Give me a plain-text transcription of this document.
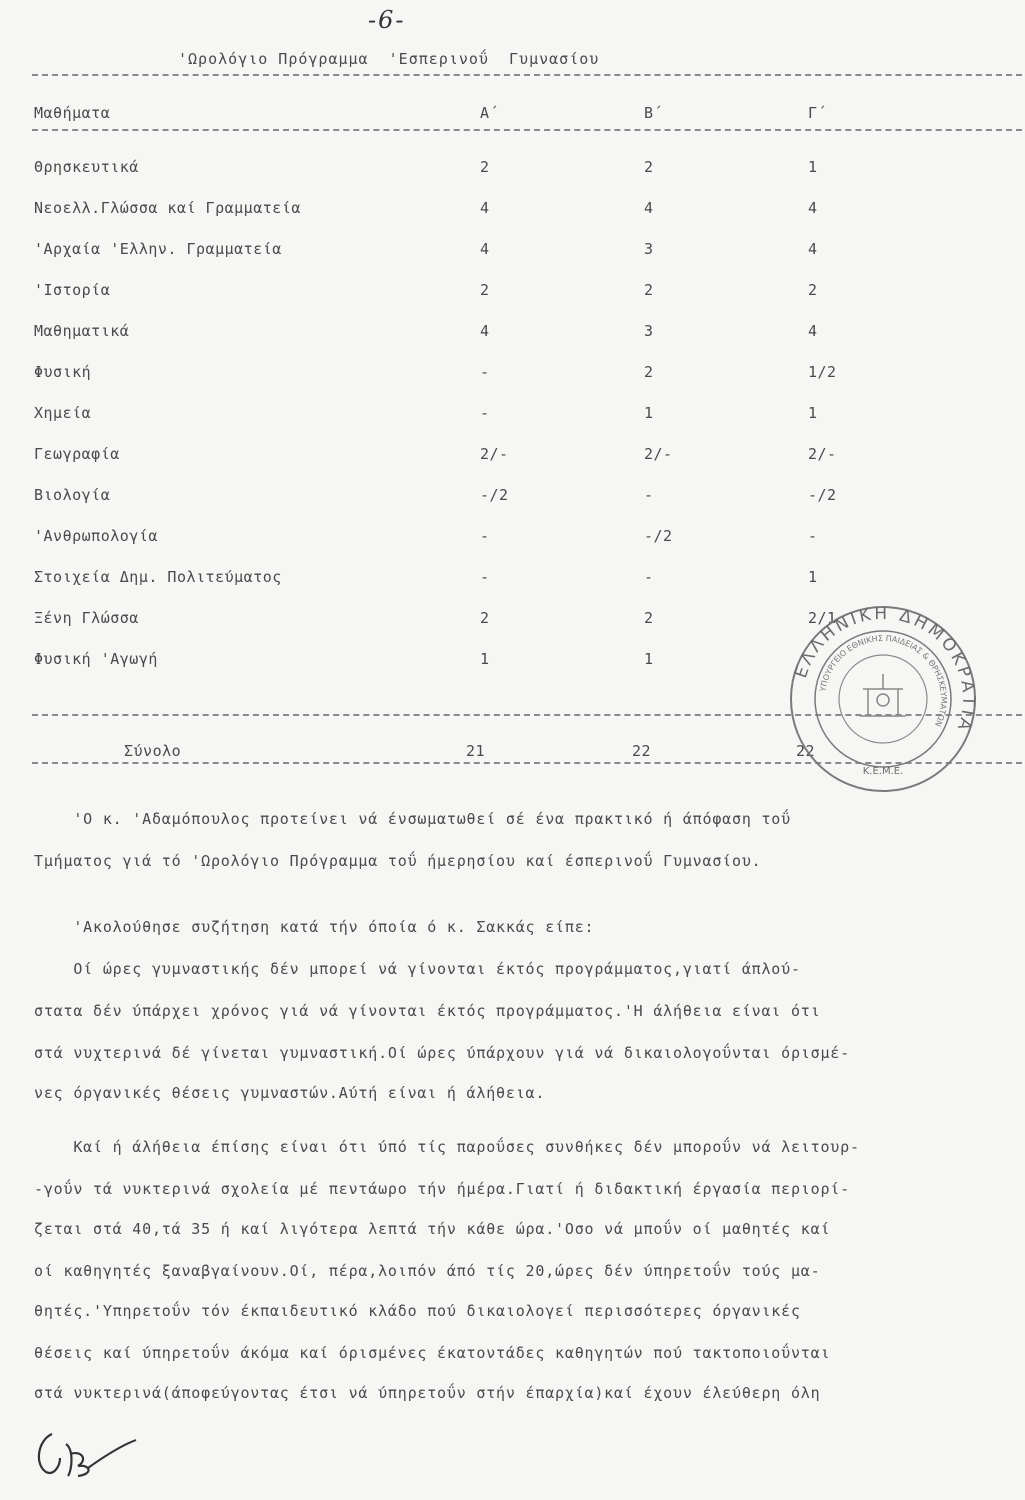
-6-
'Ωρολόγιο Πρόγραμμα  'Εσπερινοΰ  Γυμνασίου
Μαθήματα	Α΄	Β΄	Γ΄
Θρησκευτικά	2	2	1
Νεοελλ.Γλώσσα καί Γραμματεία	4	4	4
'Αρχαία 'Ελλην. Γραμματεία	4	3	4
'Ιστορία	2	2	2
Μαθηματικά	4	3	4
Φυσική	-	2	1/2
Χημεία	-	1	1
Γεωγραφία	2/-	2/-	2/-
Βιολογία	-/2	-	-/2
'Ανθρωπολογία	-	-/2	-
Στοιχεία Δημ. Πολιτεύματος	-	-	1
Ξένη Γλώσσα	2	2	2/1
Φυσική 'Αγωγή	1	1
Σύνολο	21	22	22
'Ο κ. 'Αδαμόπουλος προτείνει νά ένσωματωθεί σέ ένα πρακτικό ή άπόφαση τοΰ
Τμήματος γιά τό 'Ωρολόγιο Πρόγραμμα τοΰ ήμερησίου καί έσπερινοΰ Γυμνασίου.
'Ακολούθησε συζήτηση κατά τήν όποία ό κ. Σακκάς είπε:
Οί ώρες γυμναστικής δέν μπορεί νά γίνονται έκτός προγράμματος,γιατί άπλού-
στατα δέν ύπάρχει χρόνος γιά νά γίνονται έκτός προγράμματος.'Η άλήθεια είναι ότι
στά νυχτερινά δέ γίνεται γυμναστική.Οί ώρες ύπάρχουν γιά νά δικαιολογοΰνται όρισμέ-
νες όργανικές θέσεις γυμναστών.Αύτή είναι ή άλήθεια.
Καί ή άλήθεια έπίσης είναι ότι ύπό τίς παροΰσες συνθήκες δέν μποροΰν νά λειτουρ-
-γοΰν τά νυκτερινά σχολεία μέ πεντάωρο τήν ήμέρα.Γιατί ή διδακτική έργασία περιορί-
ζεται στά 40,τά 35 ή καί λιγότερα λεπτά τήν κάθε ώρα.'Οσο νά μποΰν οί μαθητές καί
οί καθηγητές ξαναβγαίνουν.Οί, πέρα,λοιπόν άπό τίς 20,ώρες δέν ύπηρετοΰν τούς μα-
θητές.'Υπηρετοΰν τόν έκπαιδευτικό κλάδο πού δικαιολογεί περισσότερες όργανικές
θέσεις καί ύπηρετοΰν άκόμα καί όρισμένες έκατοντάδες καθηγητών πού τακτοποιοΰνται
στά νυκτερινά(άποφεύγοντας έτσι νά ύπηρετοΰν στήν έπαρχία)καί έχουν έλεύθερη όλη
ΕΛΛΗΝΙΚΗ ΔΗΜΟΚΡΑΤΙΑ
ΥΠΟΥΡΓΕΙΟ ΕΘΝΙΚΗΣ ΠΑΙΔΕΙΑΣ & ΘΡΗΣΚΕΥΜΑΤΩΝ
Κ.Ε.Μ.Ε.
